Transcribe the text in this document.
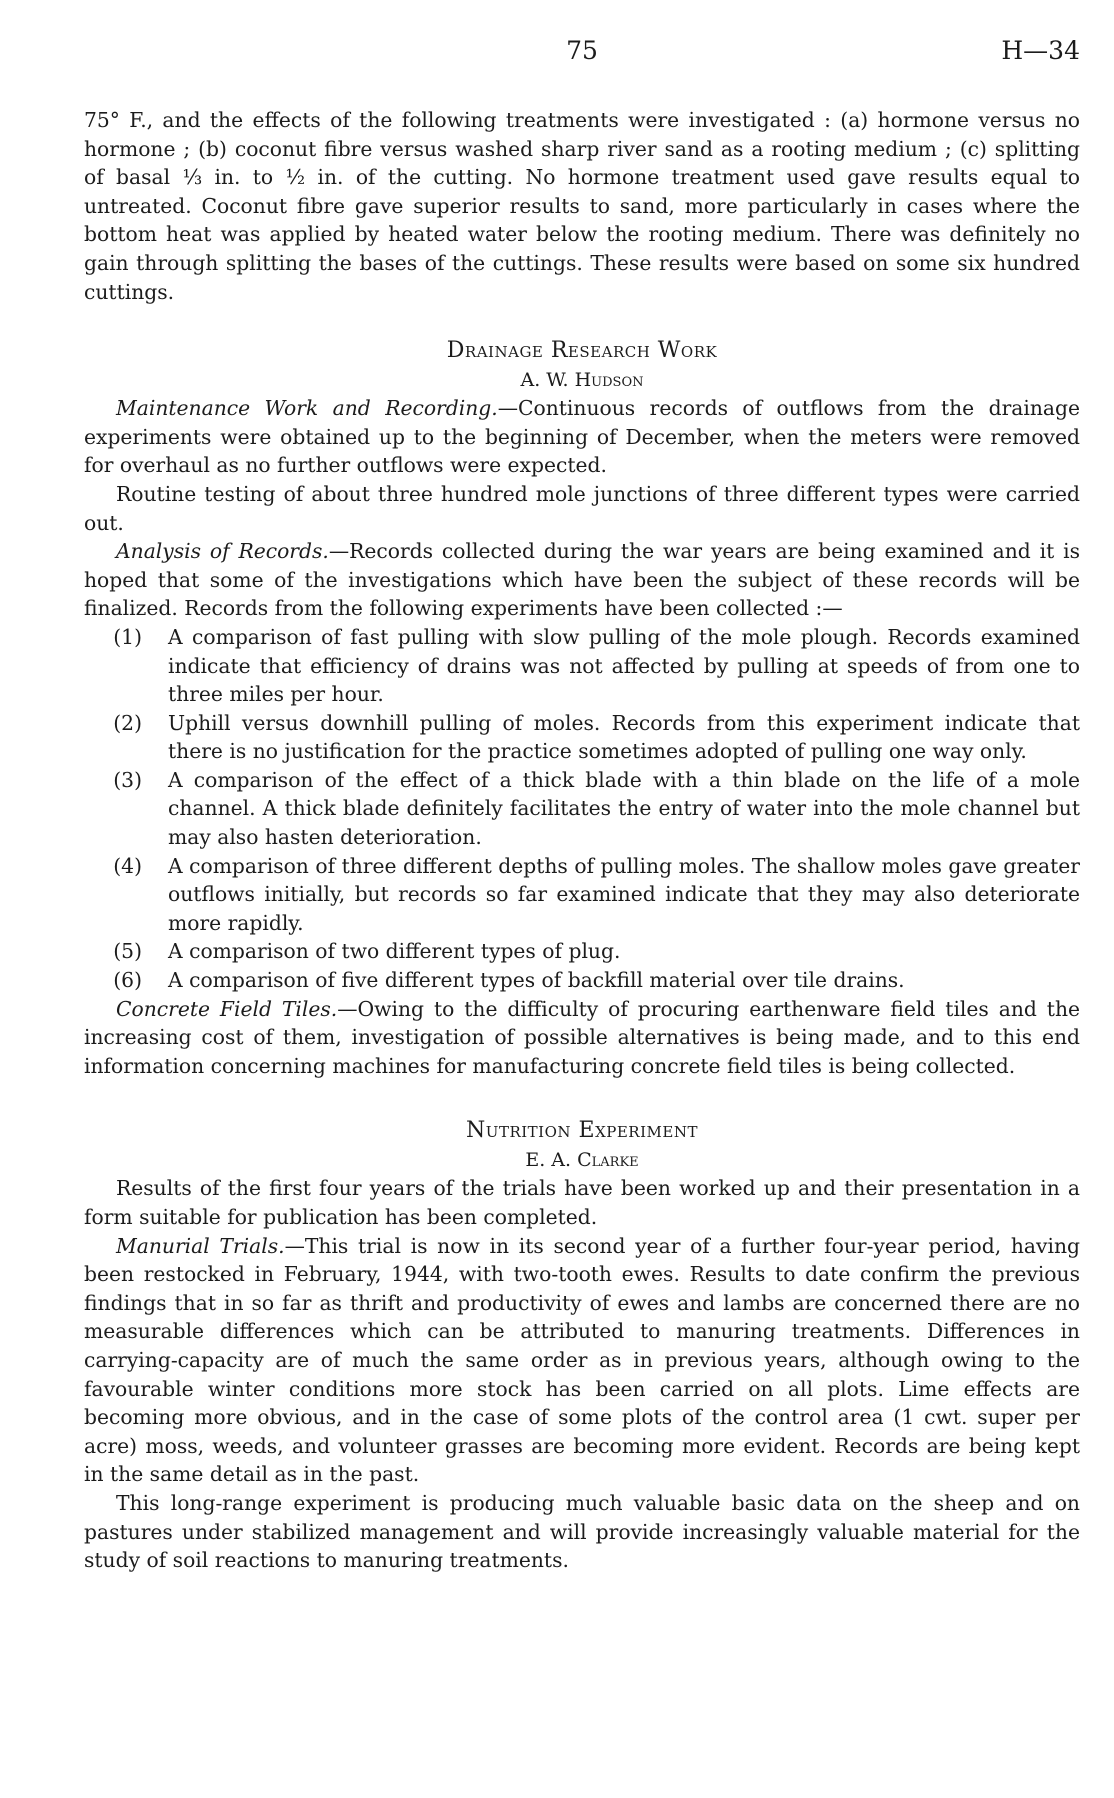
75	H—34

75° F., and the effects of the following treatments were investigated : (a) hormone versus no hormone ; (b) coconut fibre versus washed sharp river sand as a rooting medium ; (c) splitting of basal ⅓ in. to ½ in. of the cutting. No hormone treatment used gave results equal to untreated. Coconut fibre gave superior results to sand, more particularly in cases where the bottom heat was applied by heated water below the rooting medium. There was definitely no gain through splitting the bases of the cuttings. These results were based on some six hundred cuttings.

Drainage Research Work
A. W. Hudson

Maintenance Work and Recording.—Continuous records of outflows from the drainage experiments were obtained up to the beginning of December, when the meters were removed for overhaul as no further outflows were expected.

Routine testing of about three hundred mole junctions of three different types were carried out.

Analysis of Records.—Records collected during the war years are being examined and it is hoped that some of the investigations which have been the subject of these records will be finalized. Records from the following experiments have been collected :—

(1) A comparison of fast pulling with slow pulling of the mole plough. Records examined indicate that efficiency of drains was not affected by pulling at speeds of from one to three miles per hour.
(2) Uphill versus downhill pulling of moles. Records from this experiment indicate that there is no justification for the practice sometimes adopted of pulling one way only.
(3) A comparison of the effect of a thick blade with a thin blade on the life of a mole channel. A thick blade definitely facilitates the entry of water into the mole channel but may also hasten deterioration.
(4) A comparison of three different depths of pulling moles. The shallow moles gave greater outflows initially, but records so far examined indicate that they may also deteriorate more rapidly.
(5) A comparison of two different types of plug.
(6) A comparison of five different types of backfill material over tile drains.

Concrete Field Tiles.—Owing to the difficulty of procuring earthenware field tiles and the increasing cost of them, investigation of possible alternatives is being made, and to this end information concerning machines for manufacturing concrete field tiles is being collected.

Nutrition Experiment
E. A. Clarke

Results of the first four years of the trials have been worked up and their presentation in a form suitable for publication has been completed.

Manurial Trials.—This trial is now in its second year of a further four-year period, having been restocked in February, 1944, with two-tooth ewes. Results to date confirm the previous findings that in so far as thrift and productivity of ewes and lambs are concerned there are no measurable differences which can be attributed to manuring treatments. Differences in carrying-capacity are of much the same order as in previous years, although owing to the favourable winter conditions more stock has been carried on all plots. Lime effects are becoming more obvious, and in the case of some plots of the control area (1 cwt. super per acre) moss, weeds, and volunteer grasses are becoming more evident. Records are being kept in the same detail as in the past.

This long-range experiment is producing much valuable basic data on the sheep and on pastures under stabilized management and will provide increasingly valuable material for the study of soil reactions to manuring treatments.
